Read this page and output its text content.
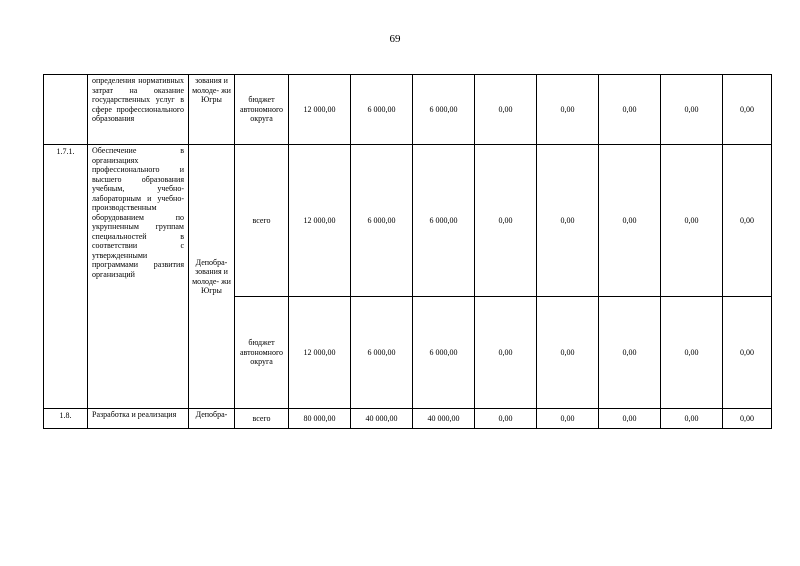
69
	определения нормативных затрат на оказание государственных услуг в сфере профессионального образования	зования и молоде- жи Югры	бюджет автономного округа	12 000,00	6 000,00	6 000,00	0,00	0,00	0,00	0,00	0,00
1.7.1.	Обеспечение в организациях профессионального и высшего образования учебным, учебно-лабораторным и учебно-производственным оборудованием по укрупненным группам специальностей в соответствии с утвержденными программами развития организаций	Депобра- зования и молоде- жи Югры	всего	12 000,00	6 000,00	6 000,00	0,00	0,00	0,00	0,00	0,00
			бюджет автономного округа	12 000,00	6 000,00	6 000,00	0,00	0,00	0,00	0,00	0,00
1.8.	Разработка и реализация	Депобра-	всего	80 000,00	40 000,00	40 000,00	0,00	0,00	0,00	0,00	0,00
